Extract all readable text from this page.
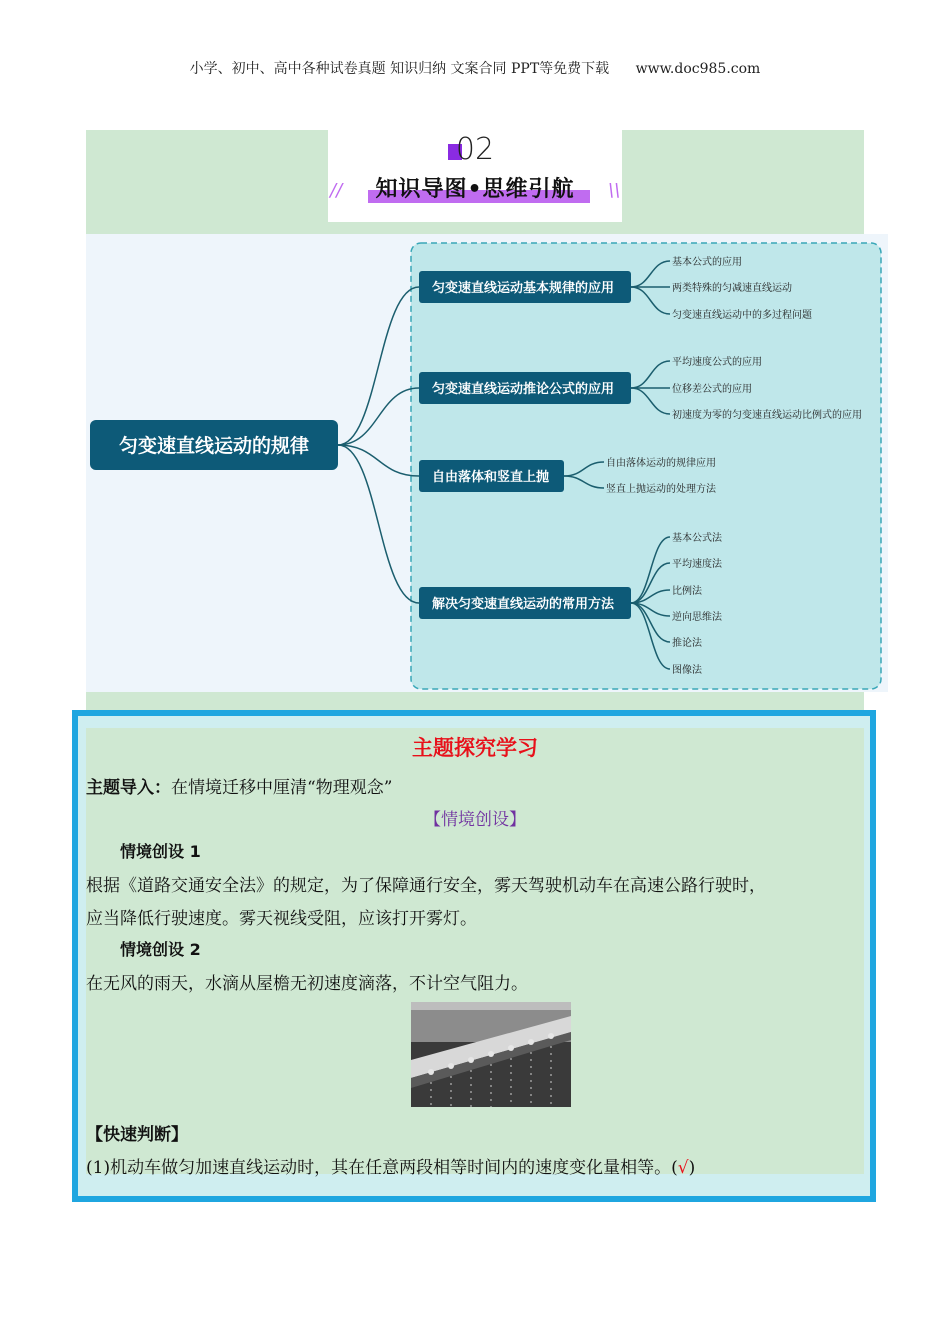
小学、初中、高中各种试卷真题 知识归纳 文案合同 PPT等免费下载 www.doc985.com
02
//	知识导图•思维引航	\\
匀变速直线运动的规律
匀变速直线运动基本规律的应用
基本公式的应用
两类特殊的匀减速直线运动
匀变速直线运动中的多过程问题
匀变速直线运动推论公式的应用
平均速度公式的应用
位移差公式的应用
初速度为零的匀变速直线运动比例式的应用
自由落体和竖直上抛
自由落体运动的规律应用
竖直上抛运动的处理方法
解决匀变速直线运动的常用方法
基本公式法
平均速度法
比例法
逆向思维法
推论法
图像法
主题探究学习
主题导入：在情境迁移中厘清“物理观念”
【情境创设】
情境创设 1
根据《道路交通安全法》的规定，为了保障通行安全，雾天驾驶机动车在高速公路行驶时，
应当降低行驶速度。雾天视线受阻，应该打开雾灯。
情境创设 2
在无风的雨天，水滴从屋檐无初速度滴落，不计空气阻力。
【快速判断】
(1)机动车做匀加速直线运动时，其在任意两段相等时间内的速度变化量相等。(√)
